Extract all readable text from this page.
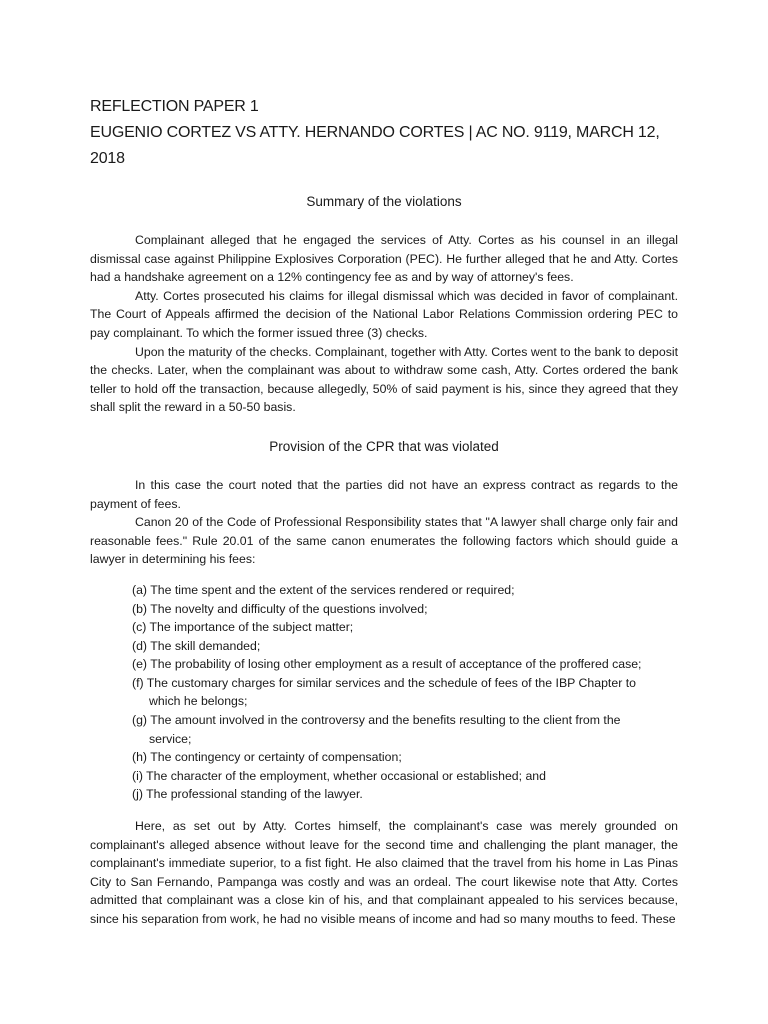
REFLECTION PAPER 1
EUGENIO CORTEZ VS ATTY. HERNANDO CORTES | AC NO. 9119, MARCH 12, 2018
Summary of the violations

Complainant alleged that he engaged the services of Atty. Cortes as his counsel in an illegal dismissal case against Philippine Explosives Corporation (PEC). He further alleged that he and Atty. Cortes had a handshake agreement on a 12% contingency fee as and by way of attorney's fees.

Atty. Cortes prosecuted his claims for illegal dismissal which was decided in favor of complainant. The Court of Appeals affirmed the decision of the National Labor Relations Commission ordering PEC to pay complainant. To which the former issued three (3) checks.

Upon the maturity of the checks. Complainant, together with Atty. Cortes went to the bank to deposit the checks. Later, when the complainant was about to withdraw some cash, Atty. Cortes ordered the bank teller to hold off the transaction, because allegedly, 50% of said payment is his, since they agreed that they shall split the reward in a 50-50 basis.

Provision of the CPR that was violated

In this case the court noted that the parties did not have an express contract as regards to the payment of fees.

Canon 20 of the Code of Professional Responsibility states that "A lawyer shall charge only fair and reasonable fees." Rule 20.01 of the same canon enumerates the following factors which should guide a lawyer in determining his fees:

(a) The time spent and the extent of the services rendered or required;
(b) The novelty and difficulty of the questions involved;
(c) The importance of the subject matter;
(d) The skill demanded;
(e) The probability of losing other employment as a result of acceptance of the proffered case;
(f) The customary charges for similar services and the schedule of fees of the IBP Chapter to
which he belongs;
(g) The amount involved in the controversy and the benefits resulting to the client from the
service;
(h) The contingency or certainty of compensation;
(i) The character of the employment, whether occasional or established; and
(j) The professional standing of the lawyer.

Here, as set out by Atty. Cortes himself, the complainant's case was merely grounded on complainant's alleged absence without leave for the second time and challenging the plant manager, the complainant's immediate superior, to a fist fight. He also claimed that the travel from his home in Las Pinas City to San Fernando, Pampanga was costly and was an ordeal. The court likewise note that Atty. Cortes admitted that complainant was a close kin of his, and that complainant appealed to his services because, since his separation from work, he had no visible means of income and had so many mouths to feed. These
